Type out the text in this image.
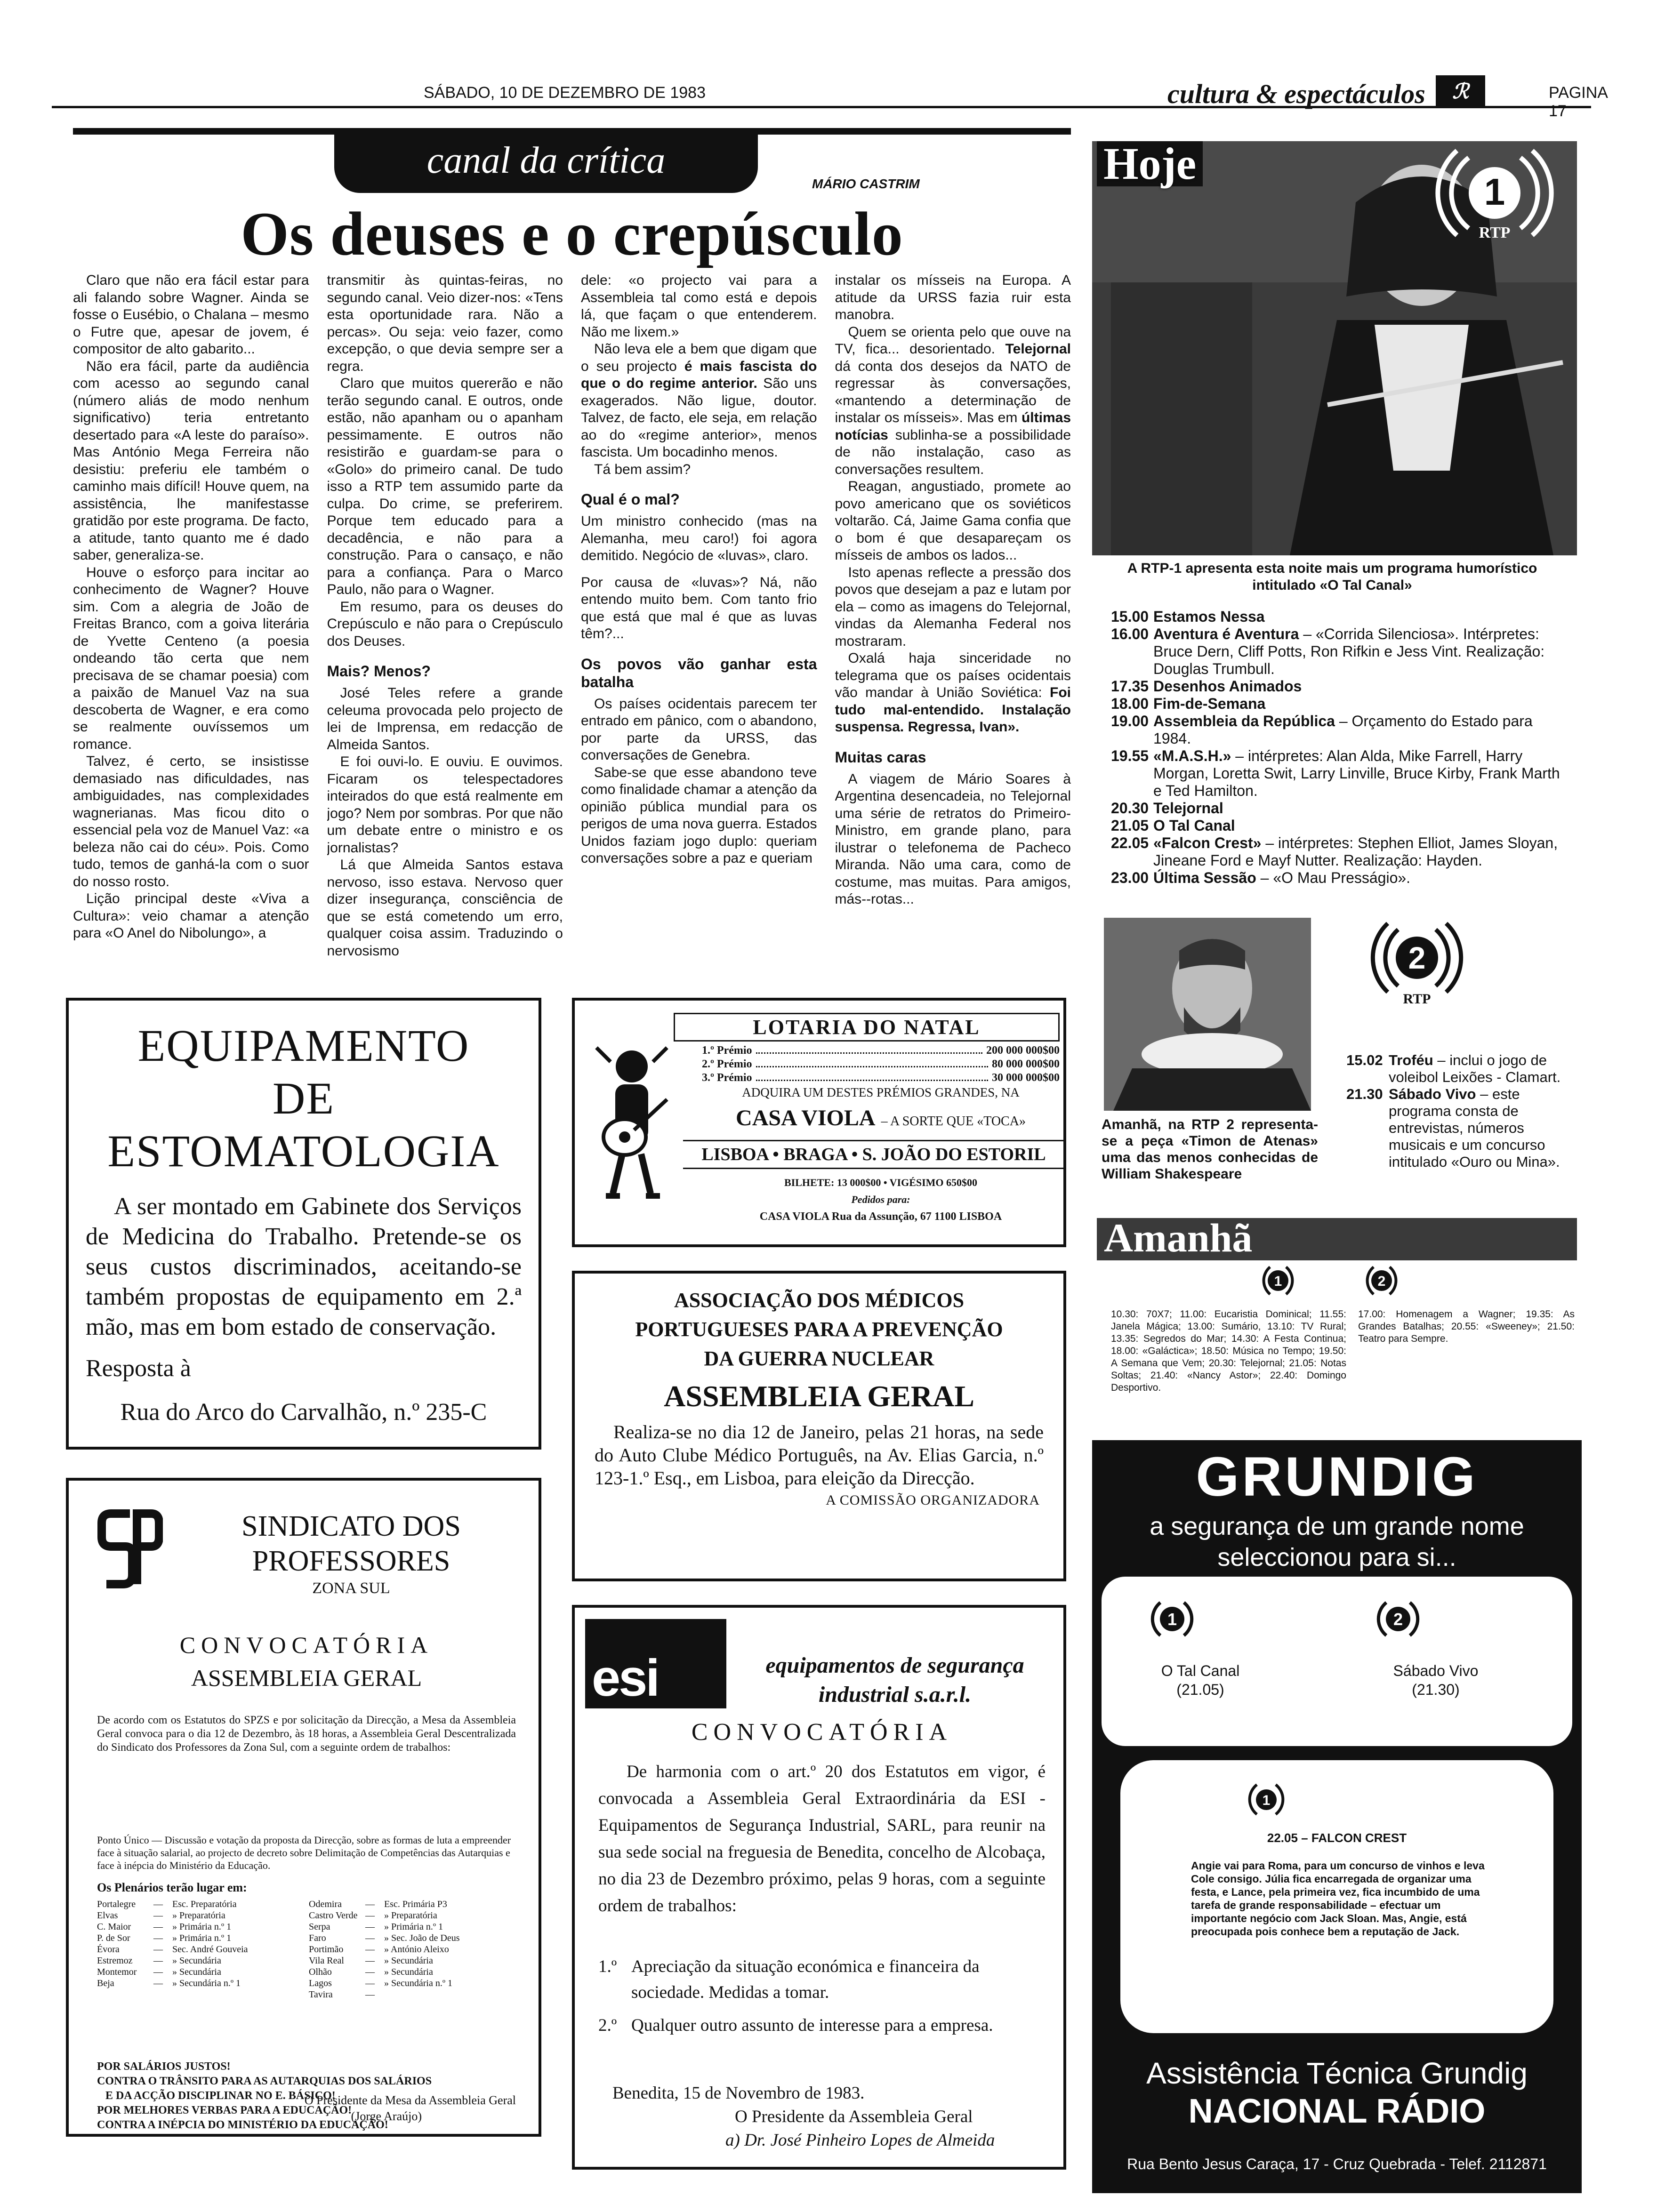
SÁBADO, 10 DE DEZEMBRO DE 1983	cultura & espectáculos	ℛ	PAGINA 17
canal da crítica
MÁRIO CASTRIM
Os deuses e o crepúsculo

Claro que não era fácil estar para ali falando sobre Wagner. Ainda se fosse o Eusébio, o Chalana – mesmo o Futre que, apesar de jovem, é compositor de alto gabarito...

Não era fácil, parte da audiência com acesso ao segundo canal (número aliás de modo nenhum significativo) teria entretanto desertado para «A leste do paraíso». Mas António Mega Ferreira não desistiu: preferiu ele também o caminho mais difícil! Houve quem, na assistência, lhe manifestasse gratidão por este programa. De facto, a atitude, tanto quanto me é dado saber, generaliza-se.

Houve o esforço para incitar ao conhecimento de Wagner? Houve sim. Com a alegria de João de Freitas Branco, com a goiva literária de Yvette Centeno (a poesia ondeando tão certa que nem precisava de se chamar poesia) com a paixão de Manuel Vaz na sua descoberta de Wagner, e era como se realmente ouvíssemos um romance.

Talvez, é certo, se insistisse demasiado nas dificuldades, nas ambiguidades, nas complexidades wagnerianas. Mas ficou dito o essencial pela voz de Manuel Vaz: «a beleza não cai do céu». Pois. Como tudo, temos de ganhá-la com o suor do nosso rosto.

Lição principal deste «Viva a Cultura»: veio chamar a atenção para «O Anel do Nibolungo», a

transmitir às quintas-feiras, no segundo canal. Veio dizer-nos: «Tens esta oportunidade rara. Não a percas». Ou seja: veio fazer, como excepção, o que devia sempre ser a regra.

Claro que muitos quererão e não terão segundo canal. E outros, onde estão, não apanham ou o apanham pessimamente. E outros não resistirão e guardam-se para o «Golo» do primeiro canal. De tudo isso a RTP tem assumido parte da culpa. Do crime, se preferirem. Porque tem educado para a decadência, e não para a construção. Para o cansaço, e não para a confiança. Para o Marco Paulo, não para o Wagner.

Em resumo, para os deuses do Crepúsculo e não para o Crepúsculo dos Deuses.

Mais? Menos?

José Teles refere a grande celeuma provocada pelo projecto de lei de Imprensa, em redacção de Almeida Santos.

E foi ouvi-lo. E ouviu. E ouvimos. Ficaram os telespectadores inteirados do que está realmente em jogo? Nem por sombras. Por que não um debate entre o ministro e os jornalistas?

Lá que Almeida Santos estava nervoso, isso estava. Nervoso quer dizer insegurança, consciência de que se está cometendo um erro, qualquer coisa assim. Traduzindo o nervosismo

dele: «o projecto vai para a Assembleia tal como está e depois lá, que façam o que entenderem. Não me lixem.»

Não leva ele a bem que digam que o seu projecto é mais fascista do que o do regime anterior. São uns exagerados. Não ligue, doutor. Talvez, de facto, ele seja, em relação ao do «regime anterior», menos fascista. Um bocadinho menos.

Tá bem assim?

Qual é o mal?

Um ministro conhecido (mas na Alemanha, meu caro!) foi agora demitido. Negócio de «luvas», claro.

Por causa de «luvas»? Ná, não entendo muito bem. Com tanto frio que está que mal é que as luvas têm?...

Os povos vão ganhar esta batalha

Os países ocidentais parecem ter entrado em pânico, com o abandono, por parte da URSS, das conversações de Genebra.

Sabe-se que esse abandono teve como finalidade chamar a atenção da opinião pública mundial para os perigos de uma nova guerra. Estados Unidos faziam jogo duplo: queriam conversações sobre a paz e queriam

instalar os mísseis na Europa. A atitude da URSS fazia ruir esta manobra.

Quem se orienta pelo que ouve na TV, fica... desorientado. Telejornal dá conta dos desejos da NATO de regressar às conversações, «mantendo a determinação de instalar os mísseis». Mas em últimas notícias sublinha-se a possibilidade de não instalação, caso as conversações resultem.

Reagan, angustiado, promete ao povo americano que os soviéticos voltarão. Cá, Jaime Gama confia que o bom é que desapareçam os mísseis de ambos os lados...

Isto apenas reflecte a pressão dos povos que desejam a paz e lutam por ela – como as imagens do Telejornal, vindas da Alemanha Federal nos mostraram.

Oxalá haja sinceridade no telegrama que os países ocidentais vão mandar à União Soviética: Foi tudo mal-entendido. Instalação suspensa. Regressa, Ivan».

Muitas caras

A viagem de Mário Soares à Argentina desencadeia, no Telejornal uma série de retratos do Primeiro-Ministro, em grande plano, para ilustrar o telefonema de Pacheco Miranda. Não uma cara, como de costume, mas muitas. Para amigos, más--rotas...

EQUIPAMENTO
DE
ESTOMATOLOGIA
A ser montado em Gabinete dos Serviços de Medicina do Trabalho. Pretende-se os seus custos discriminados, aceitando-se também propostas de equipamento em 2.ª mão, mas em bom estado de conservação.
Resposta à
Rua do Arco do Carvalhão, n.º 235-C
SINDICATO DOS PROFESSORES
ZONA SUL
CONVOCATÓRIA
ASSEMBLEIA GERAL
De acordo com os Estatutos do SPZS e por solicitação da Direcção, a Mesa da Assembleia Geral convoca para o dia 12 de Dezembro, às 18 horas, a Assembleia Geral Descentralizada do Sindicato dos Professores da Zona Sul, com a seguinte ordem de trabalhos:
Ponto Único — Discussão e votação da proposta da Direcção, sobre as formas de luta a empreender face à situação salarial, ao projecto de decreto sobre Delimitação de Competências das Autarquias e face à inépcia do Ministério da Educação.
Os Plenários terão lugar em:
Portalegre	—	Esc. Preparatória
Elvas	—	» Preparatória
C. Maior	—	» Primária n.º 1
P. de Sor	—	» Primária n.º 1
Évora	—	Sec. André Gouveia
Estremoz	—	» Secundária
Montemor	—	» Secundária
Beja	—	» Secundária n.º 1
Odemira	—	Esc. Primária P3
Castro Verde —	» Preparatória
Serpa	—	» Primária n.º 1
Faro	—	» Sec. João de Deus
Portimão	—	» António Aleixo
Vila Real	—	» Secundária
Olhão	—	» Secundária
Lagos	—	» Secundária n.º 1
Tavira	—
POR SALÁRIOS JUSTOS!
CONTRA O TRÂNSITO PARA AS AUTARQUIAS DOS SALÁRIOS
E DA ACÇÃO DISCIPLINAR NO E. BÁSICO!
POR MELHORES VERBAS PARA A EDUCAÇÃO!
CONTRA A INÉPCIA DO MINISTÉRIO DA EDUCAÇÃO!
O Presidente da Mesa da Assembleia Geral
(Jorge Araújo)
LOTARIA DO NATAL
1.º Prémio	200 000 000$00
2.º Prémio	80 000 000$00
3.º Prémio	30 000 000$00
ADQUIRA UM DESTES PRÉMIOS GRANDES, NA
CASA VIOLA – A SORTE QUE «TOCA»
LISBOA • BRAGA • S. JOÃO DO ESTORIL
BILHETE: 13 000$00 • VIGÉSIMO 650$00
Pedidos para:
CASA VIOLA Rua da Assunção, 67 1100 LISBOA
ASSOCIAÇÃO DOS MÉDICOS
PORTUGUESES PARA A PREVENÇÃO
DA GUERRA NUCLEAR
ASSEMBLEIA GERAL
Realiza-se no dia 12 de Janeiro, pelas 21 horas, na sede do Auto Clube Médico Português, na Av. Elias Garcia, n.º 123-1.º Esq., em Lisboa, para eleição da Direcção.
A COMISSÃO ORGANIZADORA
esi	equipamentos de segurança
industrial s.a.r.l.
CONVOCATÓRIA
De harmonia com o art.º 20 dos Estatutos em vigor, é convocada a Assembleia Geral Extraordinária da ESI - Equipamentos de Segurança Industrial, SARL, para reunir na sua sede social na freguesia de Benedita, concelho de Alcobaça, no dia 23 de Dezembro próximo, pelas 9 horas, com a seguinte ordem de trabalhos:
1.º Apreciação da situação económica e financeira da sociedade. Medidas a tomar.
2.º Qualquer outro assunto de interesse para a empresa.
Benedita, 15 de Novembro de 1983.
O Presidente da Assembleia Geral
a) Dr. José Pinheiro Lopes de Almeida
Hoje
1
RTP
A RTP-1 apresenta esta noite mais um programa humorístico intitulado «O Tal Canal»
15.00 Estamos Nessa
16.00 Aventura é Aventura – «Corrida Silenciosa». Intérpretes: Bruce Dern, Cliff Potts, Ron Rifkin e Jess Vint. Realização: Douglas Trumbull.
17.35 Desenhos Animados
18.00 Fim-de-Semana
19.00 Assembleia da República – Orçamento do Estado para 1984.
19.55 «M.A.S.H.» – intérpretes: Alan Alda, Mike Farrell, Harry Morgan, Loretta Swit, Larry Linville, Bruce Kirby, Frank Marth e Ted Hamilton.
20.30 Telejornal
21.05 O Tal Canal
22.05 «Falcon Crest» – intérpretes: Stephen Elliot, James Sloyan, Jineane Ford e Mayf Nutter. Realização: Hayden.
23.00 Última Sessão – «O Mau Presságio».
2
RTP
Amanhã, na RTP 2 representa-se a peça «Timon de Atenas» uma das menos conhecidas de William Shakespeare
15.02 Troféu – inclui o jogo de voleibol Leixões - Clamart.
21.30 Sábado Vivo – este programa consta de entrevistas, números musicais e um concurso intitulado «Ouro ou Mina».
Amanhã
1	2
10.30: 70X7; 11.00: Eucaristia Dominical; 11.55: Janela Mágica; 13.00: Sumário, 13.10: TV Rural; 13.35: Segredos do Mar; 14.30: A Festa Continua; 18.00: «Galáctica»; 18.50: Música no Tempo; 19.50: A Semana que Vem; 20.30: Telejornal; 21.05: Notas Soltas; 21.40: «Nancy Astor»; 22.40: Domingo Desportivo.
17.00: Homenagem a Wagner; 19.35: As Grandes Batalhas; 20.55: «Sweeney»; 21.50: Teatro para Sempre.
GRUNDIG
a segurança de um grande nome
seleccionou para si...
1	2
O Tal Canal
(21.05)
Sábado Vivo
(21.30)
1
22.05 – FALCON CREST
Angie vai para Roma, para um concurso de vinhos e leva Cole consigo. Júlia fica encarregada de organizar uma festa, e Lance, pela primeira vez, fica incumbido de uma tarefa de grande responsabilidade – efectuar um importante negócio com Jack Sloan. Mas, Angie, está preocupada pois conhece bem a reputação de Jack.
Assistência Técnica Grundig
NACIONAL RÁDIO
Rua Bento Jesus Caraça, 17 - Cruz Quebrada - Telef. 2112871
